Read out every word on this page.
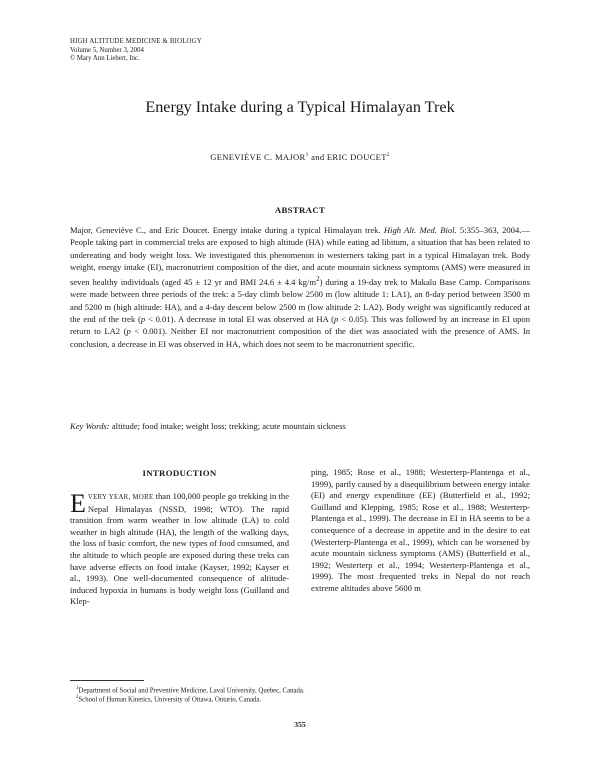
HIGH ALTITUDE MEDICINE & BIOLOGY
Volume 5, Number 3, 2004
© Mary Ann Liebert, Inc.
Energy Intake during a Typical Himalayan Trek
GENEVIÈVE C. MAJOR$^1$ and ERIC DOUCET$^2$
ABSTRACT
Major, Geneviève C., and Eric Doucet. Energy intake during a typical Himalayan trek. High Alt. Med. Biol. 5:355–363, 2004.—People taking part in commercial treks are exposed to high altitude (HA) while eating ad libitum, a situation that has been related to undereating and body weight loss. We investigated this phenomenon in westerners taking part in a typical Himalayan trek. Body weight, energy intake (EI), macronutrient composition of the diet, and acute mountain sickness symptoms (AMS) were measured in seven healthy individuals (aged 45 ± 12 yr and BMI 24.6 ± 4.4 $kg/m^2$) during a 19-day trek to Makalu Base Camp. Comparisons were made between three periods of the trek: a 5-day climb below 2500 m (low altitude 1: LA1), an 8-day period between 3500 m and 5200 m (high altitude: HA), and a 4-day descent below 2500 m (low altitude 2: LA2). Body weight was significantly reduced at the end of the trek (p < 0.01). A decrease in total EI was observed at HA (p < 0.05). This was followed by an increase in EI upon return to LA2 (p < 0.001). Neither EI nor macronutrient composition of the diet was associated with the presence of AMS. In conclusion, a decrease in EI was observed in HA, which does not seem to be macronutrient specific.
Key Words: altitude; food intake; weight loss; trekking; acute mountain sickness
INTRODUCTION
EVERY YEAR, MORE than 100,000 people go trekking in the Nepal Himalayas (NSSD, 1998; WTO). The rapid transition from warm weather in low altitude (LA) to cold weather in high altitude (HA), the length of the walking days, the loss of basic comfort, the new types of food consumed, and the altitude to which people are exposed during these treks can have adverse effects on food intake (Kayser, 1992; Kayser et al., 1993). One well-documented consequence of altitude-induced hypoxia in humans is body weight loss (Guilland and Klep-
ping, 1985; Rose et al., 1988; Westerterp-Plantenga et al., 1999), partly caused by a disequilibrium between energy intake (EI) and energy expenditure (EE) (Butterfield et al., 1992; Guilland and Klepping, 1985; Rose et al., 1988; Westerterp-Plantenga et al., 1999). The decrease in EI in HA seems to be a consequence of a decrease in appetite and in the desire to eat (Westerterp-Plantenga et al., 1999), which can be worsened by acute mountain sickness symptoms (AMS) (Butterfield et al., 1992; Westerterp et al., 1994; Westerterp-Plantenga et al., 1999). The most frequented treks in Nepal do not reach extreme altitudes above 5600 m
$^1$Department of Social and Preventive Medicine, Laval University, Quebec, Canada.
$^2$School of Human Kinetics, University of Ottawa, Ontario, Canada.
355
